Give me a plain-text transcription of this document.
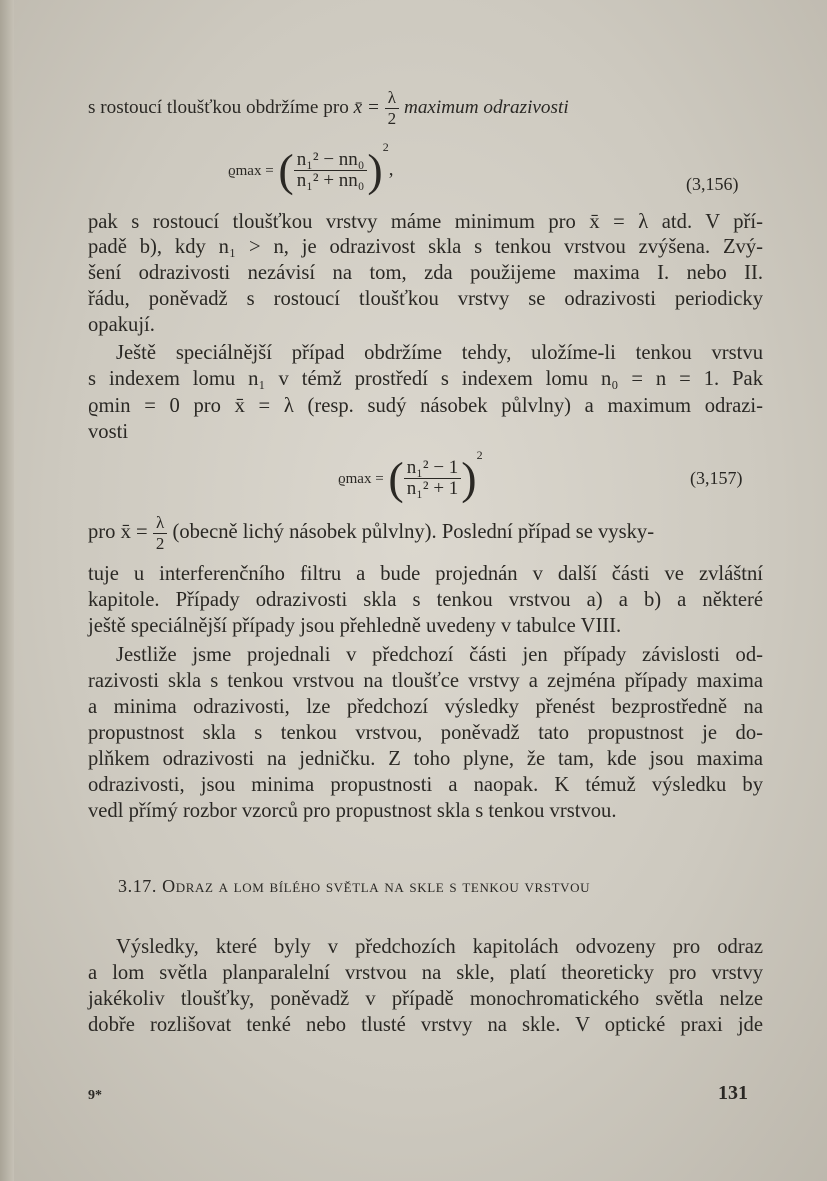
s rostoucí tloušťkou obdržíme pro x̄ = $\frac{\lambda}{2}$ maximum odrazivosti
ϱmax = ( $\frac{\text{n₁² − nn₀}}{\text{n₁² + nn₀}} )^2$,
(3,156)
pak s rostoucí tloušťkou vrstvy máme minimum pro x̄ = λ atd. V pří-
padě b), kdy n₁ > n, je odrazivost skla s tenkou vrstvou zvýšena. Zvý-
šení odrazivosti nezávisí na tom, zda použijeme maxima I. nebo II.
řádu, poněvadž s rostoucí tloušťkou vrstvy se odrazivosti periodicky
opakují.
Ještě speciálnější případ obdržíme tehdy, uložíme-li tenkou vrstvu
s indexem lomu n₁ v témž prostředí s indexem lomu n₀ = n = 1. Pak
ϱmin = 0 pro x̄ = λ (resp. sudý násobek půlvlny) a maximum odrazi-
vosti
ϱmax = ( $\frac{\text{n₁² − 1}}{\text{n₁² + 1}} )^2$
(3,157)
pro x̄ = $\frac{\lambda}{2}$ (obecně lichý násobek půlvlny). Poslední případ se vysky-
tuje u interferenčního filtru a bude projednán v další části ve zvláštní
kapitole. Případy odrazivosti skla s tenkou vrstvou a) a b) a některé
ještě speciálnější případy jsou přehledně uvedeny v tabulce VIII.
Jestliže jsme projednali v předchozí části jen případy závislosti od-
razivosti skla s tenkou vrstvou na tloušťce vrstvy a zejména případy maxima
a minima odrazivosti, lze předchozí výsledky přenést bezprostředně na
propustnost skla s tenkou vrstvou, poněvadž tato propustnost je do-
plňkem odrazivosti na jedničku. Z toho plyne, že tam, kde jsou maxima
odrazivosti, jsou minima propustnosti a naopak. K témuž výsledku by
vedl přímý rozbor vzorců pro propustnost skla s tenkou vrstvou.
3.17. Odraz a lom bílého světla na skle s tenkou vrstvou
Výsledky, které byly v předchozích kapitolách odvozeny pro odraz
a lom světla planparalelní vrstvou na skle, platí theoreticky pro vrstvy
jakékoliv tloušťky, poněvadž v případě monochromatického světla nelze
dobře rozlišovat tenké nebo tlusté vrstvy na skle. V optické praxi jde
9*	131
